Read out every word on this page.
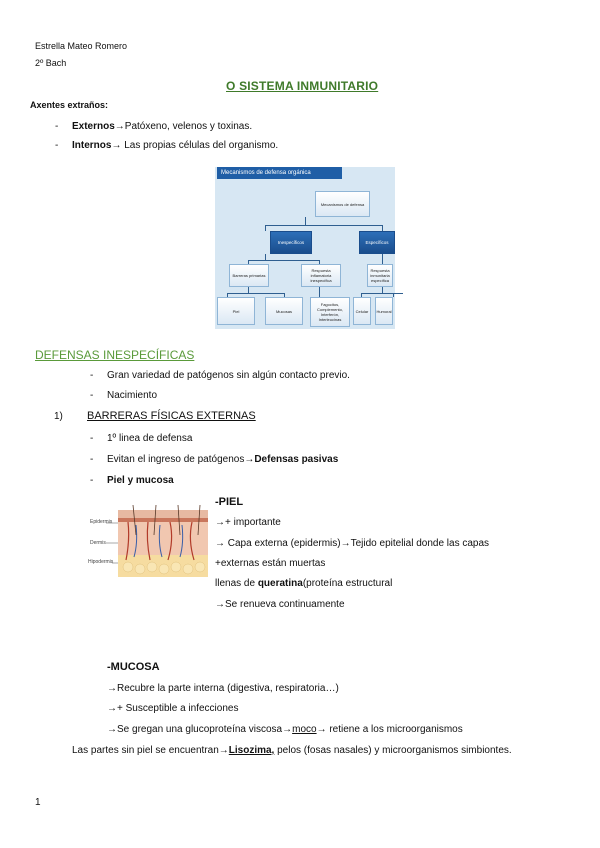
Estrella Mateo Romero
2º Bach
O SISTEMA INMUNITARIO
Axentes extraños:
- Externos→Patóxeno, velenos y toxinas.
- Internos→ Las propias células del organismo.
Mecanismos de defensa orgánica
Mecanismos de defensa
Inespecíficos	Específicos
Barreras primarias
Respuesta inflamatoria inespecífica
Respuesta inmunitaria específica
Piel	Mucosas
Fagocitos, Complemento, Interferón, Interleucinas
Celular	Humoral
DEFENSAS INESPECÍFICAS
- Gran variedad de patógenos sin algún contacto previo.
- Nacimiento
1) BARRERAS FÍSICAS EXTERNAS
- 1º linea de defensa
- Evitan el ingreso de patógenos→Defensas pasivas
- Piel y mucosa
Epidermis
Dermis
Hipodermis
-PIEL
→+ importante
→ Capa externa (epidermis)→Tejido epitelial donde las capas
+externas están muertas
llenas de queratina(proteína estructural
→Se renueva continuamente
-MUCOSA
→Recubre la parte interna (digestiva, respiratoria…)
→+ Susceptible a infecciones
→Se gregan una glucoproteína viscosa→moco→ retiene a los microorganismos
Las partes sin piel se encuentran→Lisozima, pelos (fosas nasales) y microorganismos simbiontes.
1
